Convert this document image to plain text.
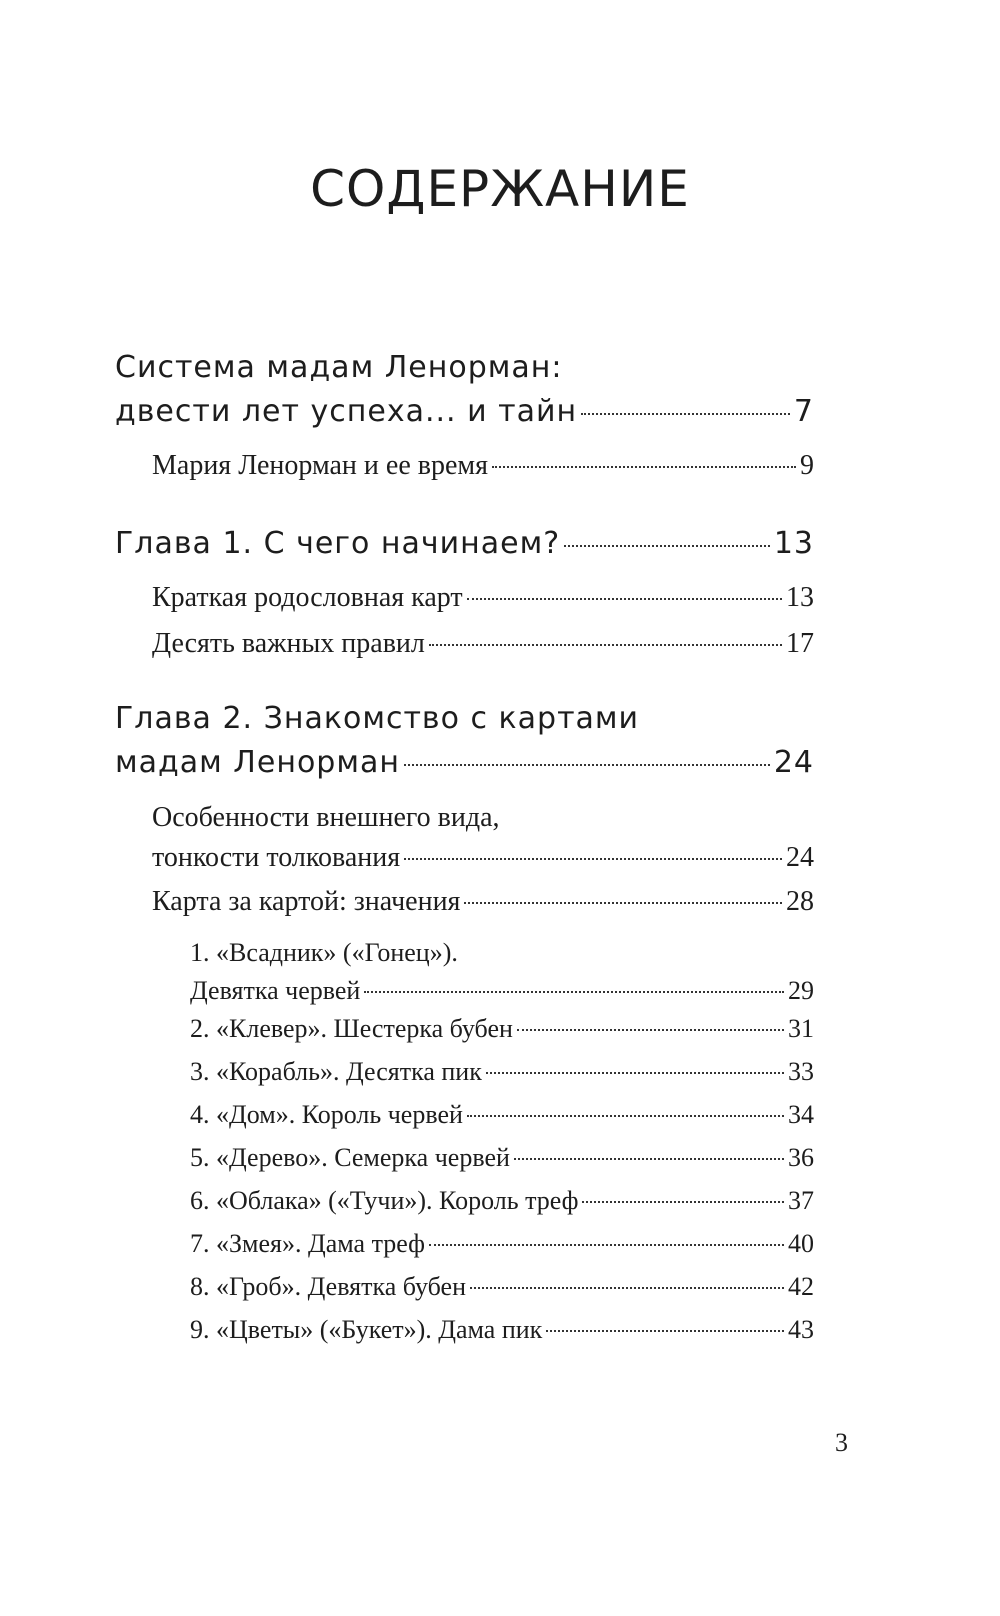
СОДЕРЖАНИЕ
Система мадам Ленорман:
двести лет успеха... и тайн	7
Мария Ленорман и ее время	9
Глава 1. С чего начинаем?	13
Краткая родословная карт	13
Десять важных правил	17
Глава 2. Знакомство с картами
мадам Ленорман	24
Особенности внешнего вида,
тонкости толкования	24
Карта за картой: значения	28
1. «Всадник» («Гонец»).
Девятка червей	29
2. «Клевер». Шестерка бубен	31
3. «Корабль». Десятка пик	33
4. «Дом». Король червей	34
5. «Дерево». Семерка червей	36
6. «Облака» («Тучи»). Король треф	37
7. «Змея». Дама треф	40
8. «Гроб». Девятка бубен	42
9. «Цветы» («Букет»). Дама пик	43
3
